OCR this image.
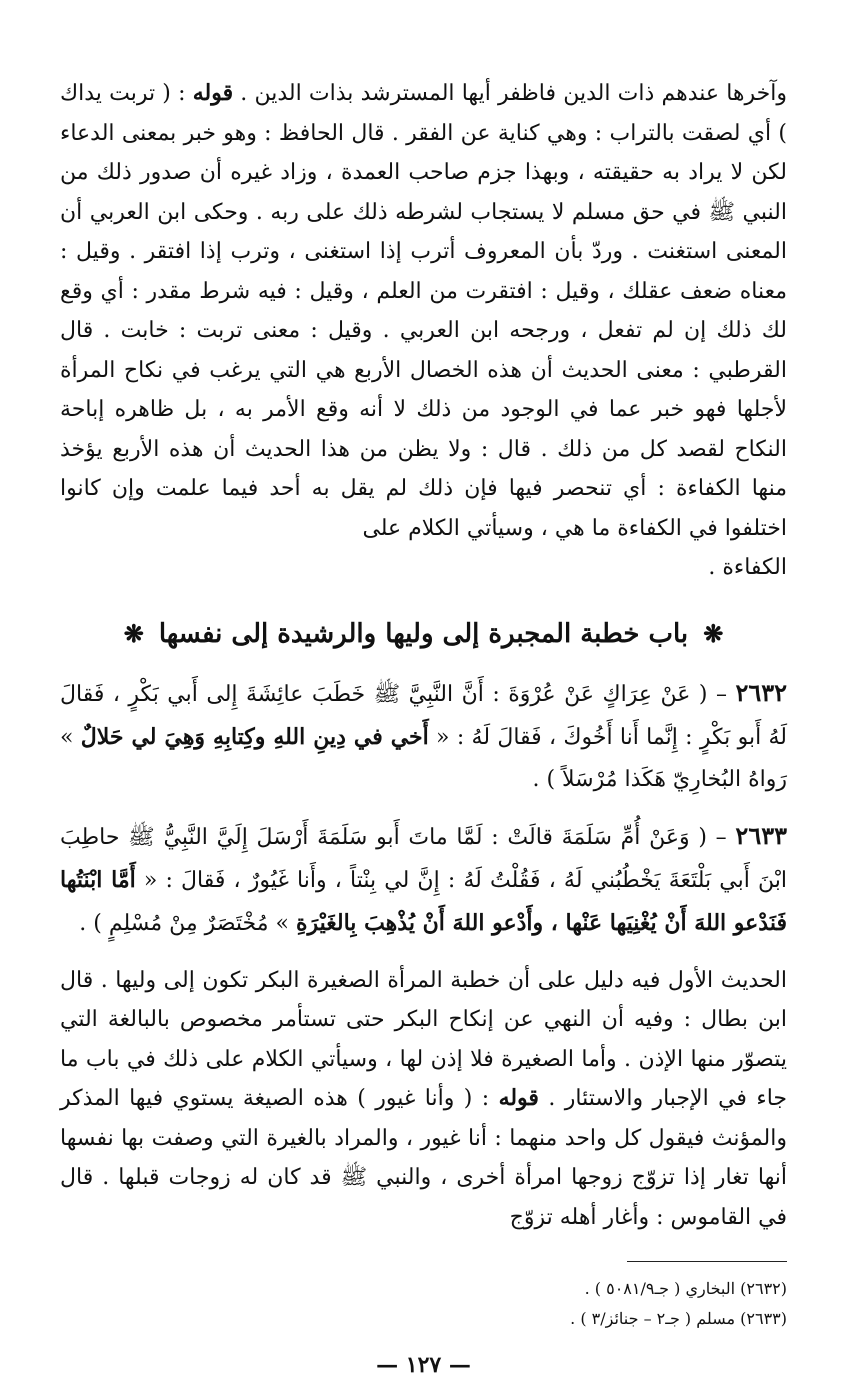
وآخرها عندهم ذات الدين فاظفر أيها المسترشد بذات الدين . قوله : ( تربت يداك ) أي لصقت بالتراب : وهي كناية عن الفقر . قال الحافظ : وهو خبر بمعنى الدعاء لكن لا يراد به حقيقته ، وبهذا جزم صاحب العمدة ، وزاد غيره أن صدور ذلك من النبي ﷺ في حق مسلم لا يستجاب لشرطه ذلك على ربه . وحكى ابن العربي أن المعنى استغنت . وردّ بأن المعروف أترب إذا استغنى ، وترب إذا افتقر . وقيل : معناه ضعف عقلك ، وقيل : افتقرت من العلم ، وقيل : فيه شرط مقدر : أي وقع لك ذلك إن لم تفعل ، ورجحه ابن العربي . وقيل : معنى تربت : خابت . قال القرطبي : معنى الحديث أن هذه الخصال الأربع هي التي يرغب في نكاح المرأة لأجلها فهو خبر عما في الوجود من ذلك لا أنه وقع الأمر به ، بل ظاهره إباحة النكاح لقصد كل من ذلك . قال : ولا يظن من هذا الحديث أن هذه الأربع يؤخذ منها الكفاءة : أي تنحصر فيها فإن ذلك لم يقل به أحد فيما علمت وإن كانوا اختلفوا في الكفاءة ما هي ، وسيأتي الكلام على
الكفاءة .

❋ باب خطبة المجبرة إلى وليها والرشيدة إلى نفسها ❋

٢٦٣٢ – ( عَنْ عِرَاكٍ عَنْ عُرْوَةَ : أَنَّ النَّبِيَّ ﷺ خَطَبَ عائِشَةَ إِلى أَبي بَكْرٍ ، فَقالَ لَهُ أَبو بَكْرٍ : إِنَّما أَنا أَخُوكَ ، فَقالَ لَهُ : « أَخي في دِينِ اللهِ وكِتابِهِ وَهِيَ لي حَلالٌ » رَواهُ البُخارِيّ هَكَذا مُرْسَلاً ) .

٢٦٣٣ – ( وَعَنْ أُمِّ سَلَمَةَ قالَتْ : لَمَّا ماتَ أَبو سَلَمَةَ أَرْسَلَ إِلَيَّ النَّبِيُّ ﷺ حاطِبَ ابْنَ أَبي بَلْتَعَةَ يَخْطُبُني لَهُ ، فَقُلْتُ لَهُ : إِنَّ لي بِنْتاً ، وأَنا غَيُورٌ ، فَقالَ : « أَمَّا ابْنَتُها فَنَدْعو اللهَ أَنْ يُغْنِيَها عَنْها ، وأَدْعو اللهَ أَنْ يُذْهِبَ بِالغَيْرَةِ » مُخْتَصَرٌ مِنْ مُسْلِمٍ ) .

الحديث الأول فيه دليل على أن خطبة المرأة الصغيرة البكر تكون إلى وليها . قال ابن بطال : وفيه أن النهي عن إنكاح البكر حتى تستأمر مخصوص بالبالغة التي يتصوّر منها الإذن . وأما الصغيرة فلا إذن لها ، وسيأتي الكلام على ذلك في باب ما جاء في الإجبار والاستئار . قوله : ( وأنا غيور ) هذه الصيغة يستوي فيها المذكر والمؤنث فيقول كل واحد منهما : أنا غيور ، والمراد بالغيرة التي وصفت بها نفسها أنها تغار إذا تزوّج زوجها امرأة أخرى ، والنبي ﷺ قد كان له زوجات قبلها . قال في القاموس : وأغار أهله تزوّج

(٢٦٣٢) البخاري ( جـ٥٠٨١/٩ ) .
(٢٦٣٣) مسلم ( جـ٢ – جنائز/٣ ) .
— ١٢٧ —
